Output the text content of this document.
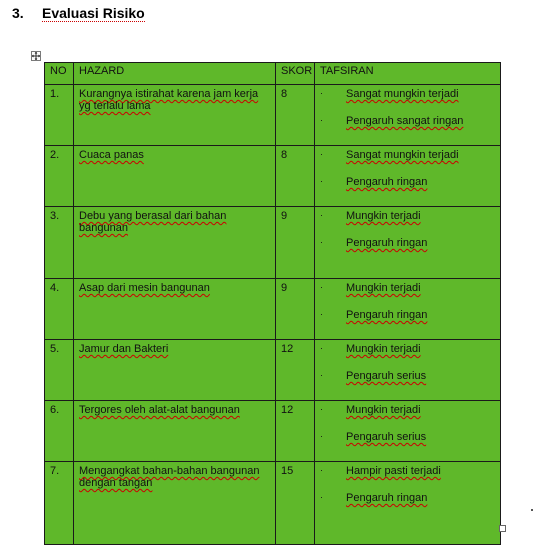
3. Evaluasi Risiko
NO	HAZARD	SKOR	TAFSIRAN
1.	Kurangnya istirahat karena jam kerja yg terlalu lama	8	· Sangat mungkin terjadi
· Pengaruh sangat ringan

2.	Cuaca panas	8	· Sangat mungkin terjadi
· Pengaruh ringan

3.	Debu yang berasal dari bahan bangunan	9	· Mungkin terjadi
· Pengaruh ringan

4.	Asap dari mesin bangunan	9	· Mungkin terjadi
· Pengaruh ringan

5.	Jamur dan Bakteri	12	· Mungkin terjadi
· Pengaruh serius

6.	Tergores oleh alat-alat bangunan	12	· Mungkin terjadi
· Pengaruh serius

7.	Mengangkat bahan-bahan bangunan dengan tangan	15	· Hampir pasti terjadi
· Pengaruh ringan
